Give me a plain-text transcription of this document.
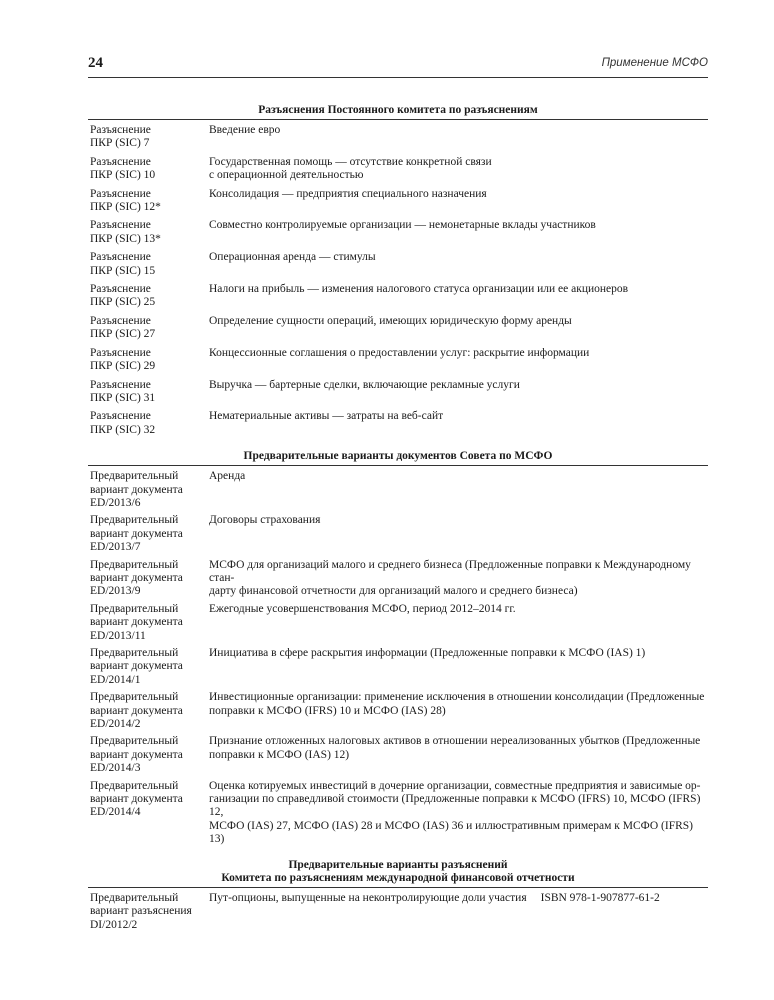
24	Применение МСФО
Разъяснения Постоянного комитета по разъяснениям
Разъяснение
ПКР (SIC) 7
Введение евро
Разъяснение
ПКР (SIC) 10
Государственная помощь — отсутствие конкретной связи
с операционной деятельностью
Разъяснение
ПКР (SIC) 12*
Консолидация — предприятия специального назначения
Разъяснение
ПКР (SIC) 13*
Совместно контролируемые организации — немонетарные вклады участников
Разъяснение
ПКР (SIC) 15
Операционная аренда — стимулы
Разъяснение
ПКР (SIC) 25
Налоги на прибыль — изменения налогового статуса организации или ее акционеров
Разъяснение
ПКР (SIC) 27
Определение сущности операций, имеющих юридическую форму аренды
Разъяснение
ПКР (SIC) 29
Концессионные соглашения о предоставлении услуг: раскрытие информации
Разъяснение
ПКР (SIC) 31
Выручка — бартерные сделки, включающие рекламные услуги
Разъяснение
ПКР (SIC) 32
Нематериальные активы — затраты на веб-сайт
Предварительные варианты документов Совета по МСФО
Предварительный
вариант документа
ED/2013/6
Аренда
Предварительный
вариант документа
ED/2013/7
Договоры страхования
Предварительный
вариант документа
ED/2013/9
МСФО для организаций малого и среднего бизнеса (Предложенные поправки к Международному стан-
дарту финансовой отчетности для организаций малого и среднего бизнеса)
Предварительный
вариант документа
ED/2013/11
Ежегодные усовершенствования МСФО, период 2012–2014 гг.
Предварительный
вариант документа
ED/2014/1
Инициатива в сфере раскрытия информации (Предложенные поправки к МСФО (IAS) 1)
Предварительный
вариант документа
ED/2014/2
Инвестиционные организации: применение исключения в отношении консолидации (Предложенные
поправки к МСФО (IFRS) 10 и МСФО (IAS) 28)
Предварительный
вариант документа
ED/2014/3
Признание отложенных налоговых активов в отношении нереализованных убытков (Предложенные
поправки к МСФО (IAS) 12)
Предварительный
вариант документа
ED/2014/4
Оценка котируемых инвестиций в дочерние организации, совместные предприятия и зависимые ор-
ганизации по справедливой стоимости (Предложенные поправки к МСФО (IFRS) 10, МСФО (IFRS) 12,
МСФО (IAS) 27, МСФО (IAS) 28 и МСФО (IAS) 36 и иллюстративным примерам к МСФО (IFRS) 13)
Предварительные варианты разъяснений
Комитета по разъяснениям международной финансовой отчетности
Предварительный
вариант разъяснения
DI/2012/2
Пут-опционы, выпущенные на неконтролирующие доли участия ISBN 978-1-907877-61-2
